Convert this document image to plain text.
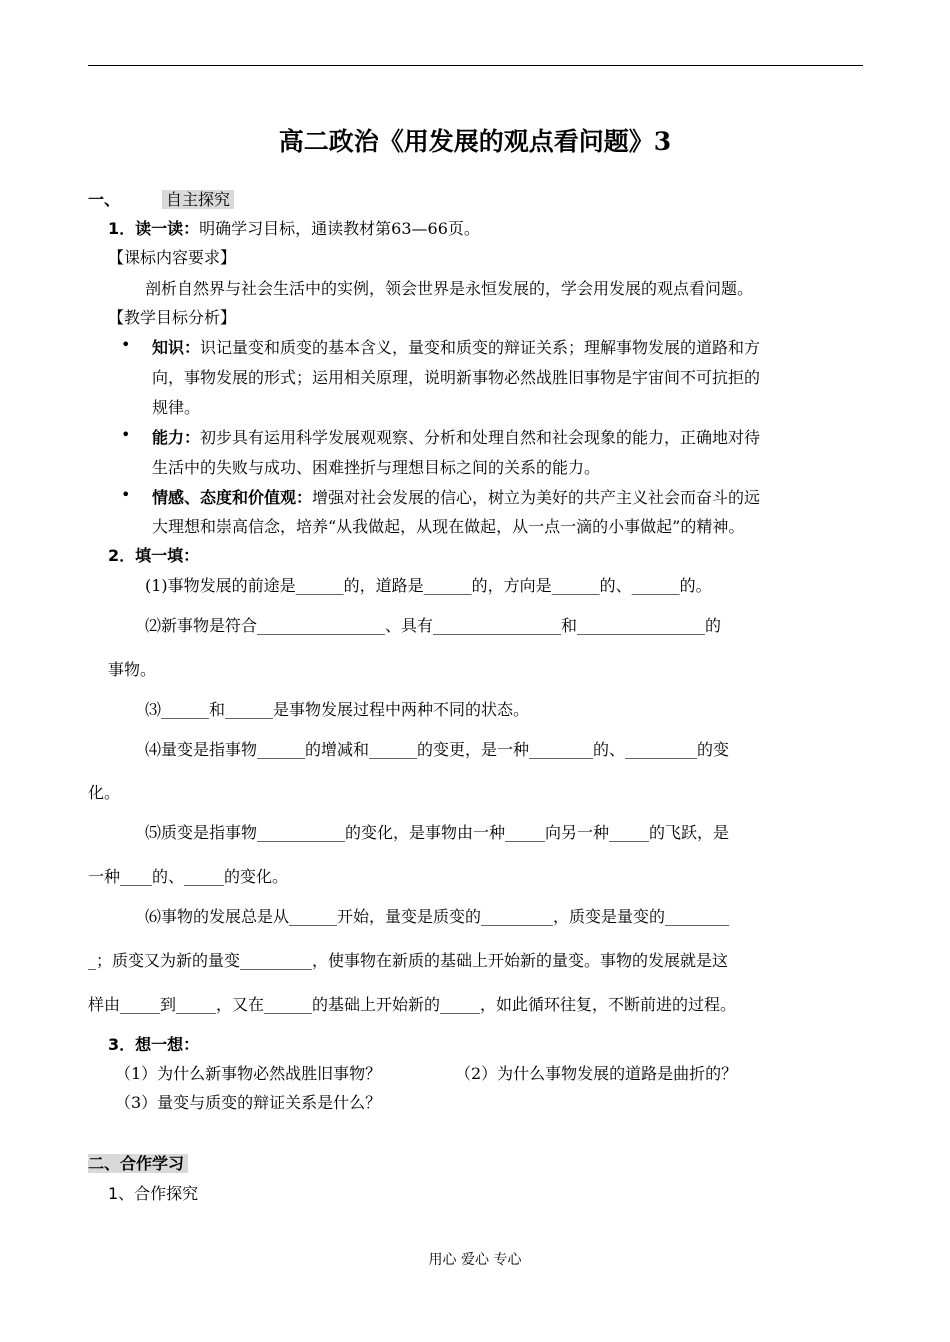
高二政治《用发展的观点看问题》3
一、	自主探究
1．读一读：明确学习目标，通读教材第63—66页。
【课标内容要求】
剖析自然界与社会生活中的实例，领会世界是永恒发展的，学会用发展的观点看问题。
【教学目标分析】
• 知识：识记量变和质变的基本含义，量变和质变的辩证关系；理解事物发展的道路和方
向，事物发展的形式；运用相关原理，说明新事物必然战胜旧事物是宇宙间不可抗拒的
规律。
• 能力：初步具有运用科学发展观观察、分析和处理自然和社会现象的能力，正确地对待
生活中的失败与成功、困难挫折与理想目标之间的关系的能力。
• 情感、态度和价值观：增强对社会发展的信心，树立为美好的共产主义社会而奋斗的远
大理想和崇高信念，培养“从我做起，从现在做起，从一点一滴的小事做起”的精神。
2．填一填：
(1)事物发展的前途是______的，道路是______的，方向是______的、______的。
⑵新事物是符合________________、具有________________和________________的
事物。
⑶______和______是事物发展过程中两种不同的状态。
⑷量变是指事物______的增减和______的变更，是一种________的、_________的变
化。
⑸质变是指事物___________的变化，是事物由一种_____向另一种_____的飞跃，是
一种____的、_____的变化。
⑹事物的发展总是从______开始，量变是质变的_________，质变是量变的________
_；质变又为新的量变_________，使事物在新质的基础上开始新的量变。事物的发展就是这
样由_____到_____，又在______的基础上开始新的_____，如此循环往复，不断前进的过程。
3．想一想：
（1）为什么新事物必然战胜旧事物？	（2）为什么事物发展的道路是曲折的？
（3）量变与质变的辩证关系是什么？
二、合作学习
1、合作探究
用心 爱心 专心
